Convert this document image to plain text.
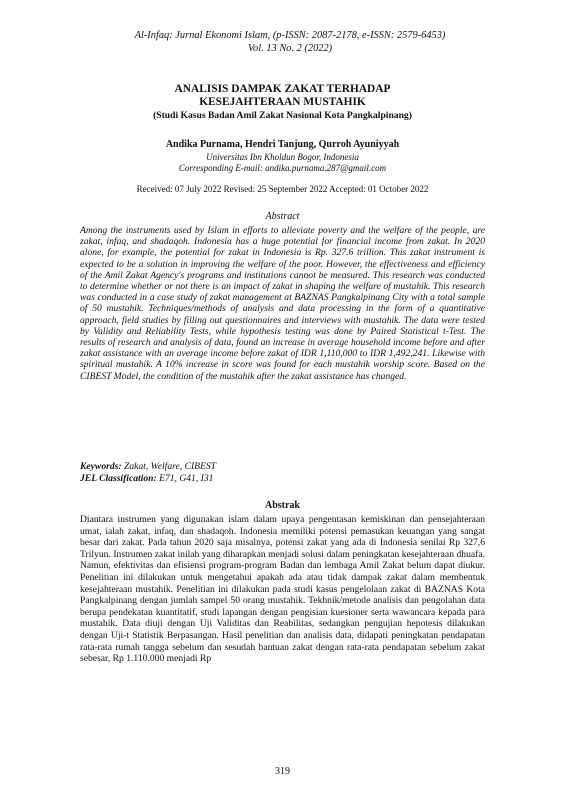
Al-Infaq: Jurnal Ekonomi Islam, (p-ISSN: 2087-2178, e-ISSN: 2579-6453)
Vol. 13 No. 2 (2022)
ANALISIS DAMPAK ZAKAT TERHADAP
KESEJAHTERAAN MUSTAHIK
(Studi Kasus Badan Amil Zakat Nasional Kota Pangkalpinang)
Andika Purnama, Hendri Tanjung, Qurroh Ayuniyyah
Universitas Ibn Kholdun Bogor, Indonesia
Corresponding E-mail: andika.purnama.287@gmail.com
Received: 07 July 2022 Revised: 25 September 2022 Accepted: 01 October 2022
Abstract
Among the instruments used by Islam in efforts to alleviate poverty and the welfare of the people, are zakat, infaq, and shadaqoh. Indonesia has a huge potential for financial income from zakat. In 2020 alone, for example, the potential for zakat in Indonesia is Rp. 327.6 trillion. This zakat instrument is expected to be a solution in improving the welfare of the poor. However, the effectiveness and efficiency of the Amil Zakat Agency's programs and institutions cannot be measured. This research was conducted to determine whether or not there is an impact of zakat in shaping the welfare of mustahik. This research was conducted in a case study of zakat management at BAZNAS Pangkalpinang City with a total sample of 50 mustahik. Techniques/methods of analysis and data processing in the form of a quantitative approach, field studies by filling out questionnaires and interviews with mustahik. The data were tested by Validity and Reliability Tests, while hypothesis testing was done by Paired Statistical t-Test. The results of research and analysis of data, found an increase in average household income before and after zakat assistance with an average income before zakat of IDR 1,110,000 to IDR 1,492,241. Likewise with spiritual mustahik. A 10% increase in score was found for each mustahik worship score. Based on the CIBEST Model, the condition of the mustahik after the zakat assistance has changed.
Keywords: Zakat, Welfare, CIBEST
JEL Classification: E71, G41, I31
Abstrak
Diantara instrumen yang digunakan islam dalam upaya pengentasan kemiskinan dan pensejahteraan umat, ialah zakat, infaq, dan shadaqoh. Indonesia memiliki potensi pemasukan keuangan yang sangat besar dari zakat. Pada tahun 2020 saja misalnya, potensi zakat yang ada di Indonesia senilai Rp 327,6 Trilyun. Instrumen zakat inilah yang diharapkan menjadi solusi dalam peningkatan kesejahteraan dhuafa. Namun, efektivitas dan efisiensi program-program Badan dan lembaga Amil Zakat belum dapat diukur. Penelitian ini dilakukan untuk mengetahui apakah ada atau tidak dampak zakat dalam membentuk kesejahteraan mustahik. Penelitian ini dilakukan pada studi kasus pengelolaan zakat di BAZNAS Kota Pangkalpinang dengan jumlah sampel 50 orang mustahik. Tekhnik/metode analisis dan pengolahan data berupa pendekatan kuantitatif, studi lapangan dengan pengisian kuesioner serta wawancara kepada para mustahik. Data diuji dengan Uji Validitas dan Reabilitas, sedangkan pengujian hepotesis dilakukan dengan Uji-t Statistik Berpasangan. Hasil penelitian dan analisis data, didapati peningkatan pendapatan rata-rata rumah tangga sebelum dan sesudah bantuan zakat dengan rata-rata pendapatan sebelum zakat sebesar, Rp 1.110.000 menjadi Rp
319
